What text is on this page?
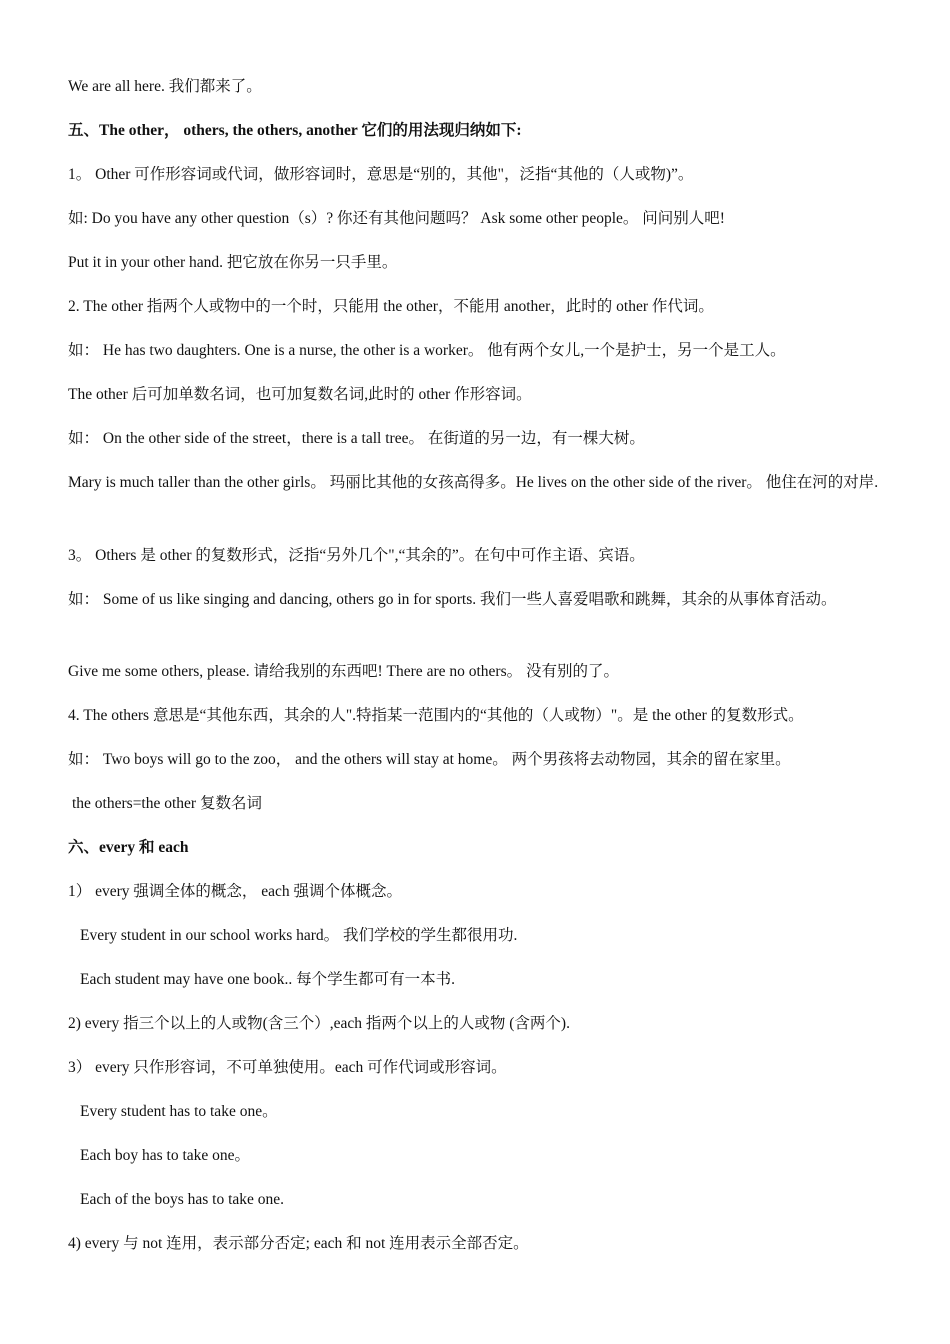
We are all here. 我们都来了。

五、The other， others, the others, another 它们的用法现归纳如下:

1。 Other 可作形容词或代词，做形容词时，意思是“别的，其他"，泛指“其他的（人或物)”。

如: Do you have any other question（s）? 你还有其他问题吗？ Ask some other people。 问问别人吧!

Put it in your other hand. 把它放在你另一只手里。

2. The other 指两个人或物中的一个时，只能用 the other，不能用 another，此时的 other 作代词。

如： He has two daughters. One is a nurse, the other is a worker。 他有两个女儿,一个是护士，另一个是工人。

The other 后可加单数名词，也可加复数名词,此时的 other 作形容词。

如： On the other side of the street，there is a tall tree。 在街道的另一边，有一棵大树。

Mary is much taller than the other girls。 玛丽比其他的女孩高得多。He lives on the other side of the river。 他住在河的对岸.

3。 Others 是 other 的复数形式，泛指“另外几个",“其余的”。在句中可作主语、宾语。

如： Some of us like singing and dancing, others go in for sports. 我们一些人喜爱唱歌和跳舞，其余的从事体育活动。

Give me some others, please. 请给我别的东西吧! There are no others。 没有别的了。

4. The others 意思是“其他东西，其余的人".特指某一范围内的“其他的（人或物）"。是 the other 的复数形式。

如： Two boys will go to the zoo， and the others will stay at home。 两个男孩将去动物园，其余的留在家里。

the others=the other 复数名词

六、every 和 each

1） every 强调全体的概念， each 强调个体概念。

Every student in our school works hard。 我们学校的学生都很用功.

Each student may have one book.. 每个学生都可有一本书.

2) every 指三个以上的人或物(含三个）,each 指两个以上的人或物 (含两个).

3） every 只作形容词，不可单独使用。each 可作代词或形容词。

Every student has to take one。

Each boy has to take one。

Each of the boys has to take one.

4) every 与 not 连用，表示部分否定; each 和 not 连用表示全部否定。
